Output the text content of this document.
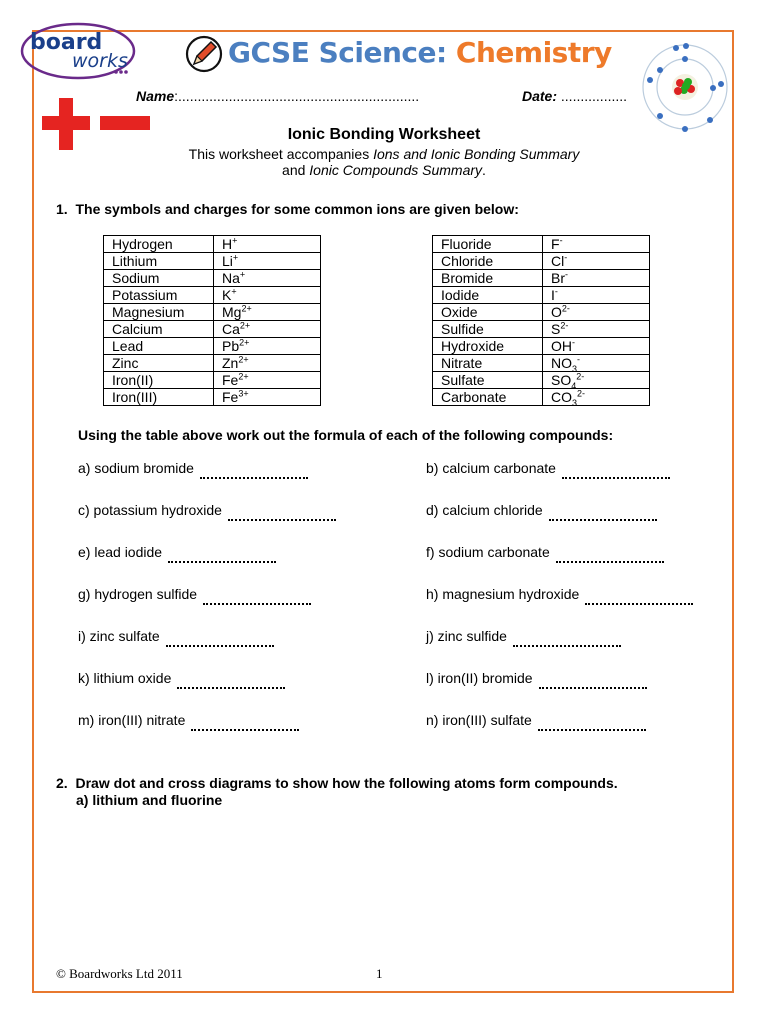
board
works	GCSE Science: Chemistry
Name:..............................................................	Date: .................
Ionic Bonding Worksheet
This worksheet accompanies Ions and Ionic Bonding Summary
and Ionic Compounds Summary.
1. The symbols and charges for some common ions are given below:
Hydrogen	H+
Lithium	Li+
Sodium	Na+
Potassium	K+
Magnesium	$Mg^{2+}$
Calcium	$Ca^{2+}$
Lead	$Pb^{2+}$
Zinc	$Zn^{2+}$
Iron(II)	$Fe^{2+}$
Iron(III)	$Fe^{3+}$
Fluoride	F-
Chloride	Cl-
Bromide	Br-
Iodide	I-
Oxide	$O^{2-}$
Sulfide	$S^{2-}$
Hydroxide	OH-
Nitrate	$NO_3^-$
Sulfate	$SO_4^{2-}$
Carbonate	$CO_3^{2-}$
Using the table above work out the formula of each of the following compounds:
a) sodium bromide	b) calcium carbonate
c) potassium hydroxide	d) calcium chloride
e) lead iodide	f) sodium carbonate
g) hydrogen sulfide	h) magnesium hydroxide
i) zinc sulfate	j) zinc sulfide
k) lithium oxide	l) iron(II) bromide
m) iron(III) nitrate	n) iron(III) sulfate
2. Draw dot and cross diagrams to show how the following atoms form compounds.
a) lithium and fluorine
© Boardworks Ltd 2011	1
